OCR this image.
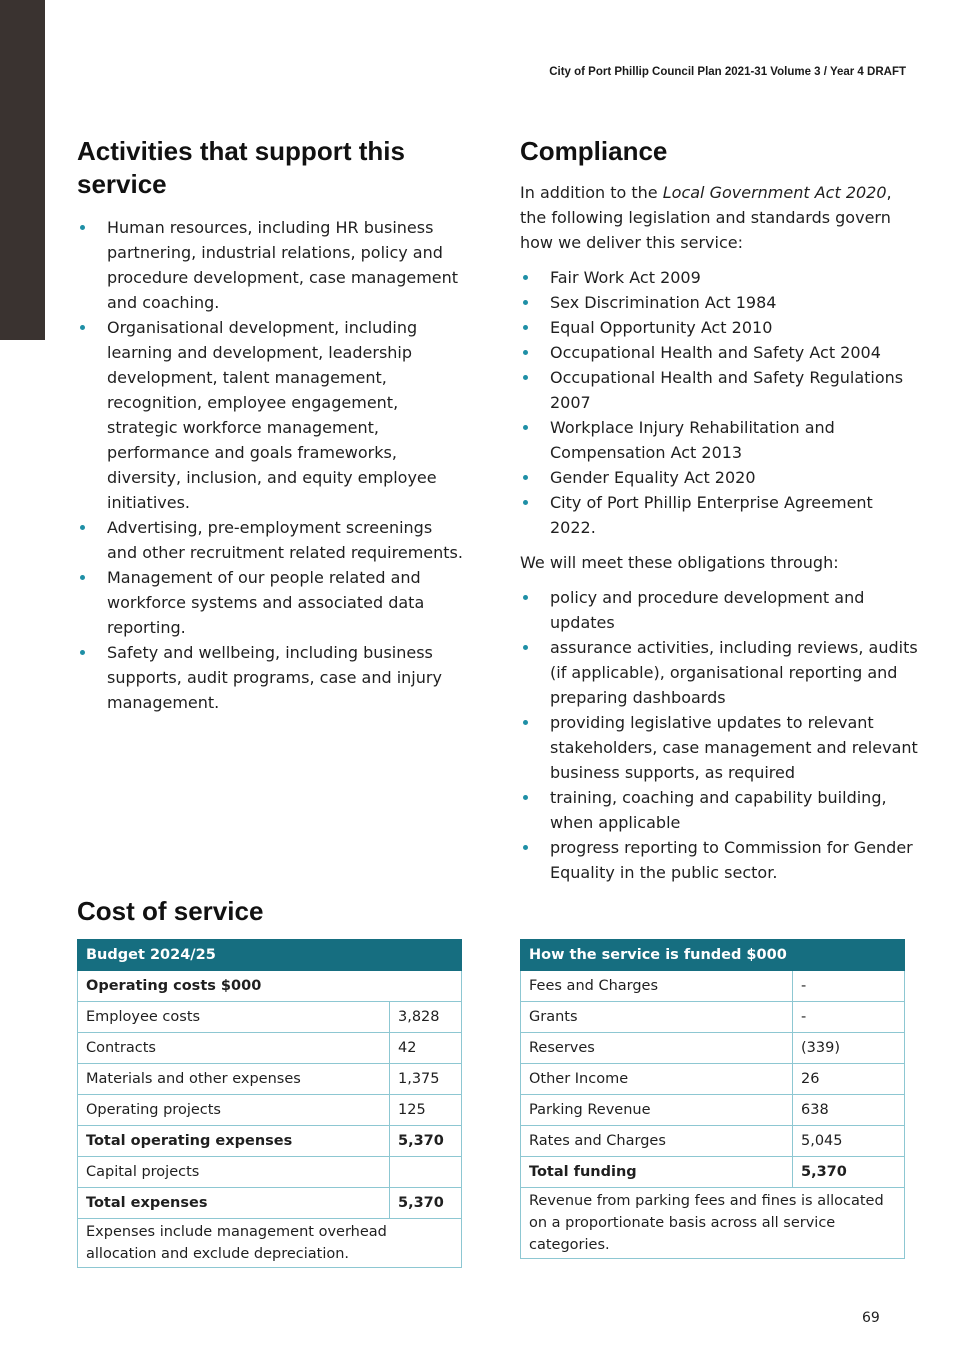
City of Port Phillip Council Plan 2021-31 Volume 3 / Year 4 DRAFT
Activities that support this
service
Human resources, including HR business partnering, industrial relations, policy and procedure development, case management and coaching.
Organisational development, including learning and development, leadership development, talent management, recognition, employee engagement, strategic workforce management, performance and goals frameworks, diversity, inclusion, and equity employee initiatives.
Advertising, pre-employment screenings and other recruitment related requirements.
Management of our people related and workforce systems and associated data reporting.
Safety and wellbeing, including business supports, audit programs, case and injury management.
Compliance

In addition to the Local Government Act 2020, the following legislation and standards govern how we deliver this service:

Fair Work Act 2009
Sex Discrimination Act 1984
Equal Opportunity Act 2010
Occupational Health and Safety Act 2004
Occupational Health and Safety Regulations 2007
Workplace Injury Rehabilitation and Compensation Act 2013
Gender Equality Act 2020
City of Port Phillip Enterprise Agreement 2022.

We will meet these obligations through:

policy and procedure development and updates
assurance activities, including reviews, audits (if applicable), organisational reporting and preparing dashboards
providing legislative updates to relevant stakeholders, case management and relevant business supports, as required
training, coaching and capability building, when applicable
progress reporting to Commission for Gender Equality in the public sector.
Cost of service
Budget 2024/25	
Operating costs $000	
Employee costs	3,828
Contracts	42
Materials and other expenses	1,375
Operating projects	125
Total operating expenses	5,370
Capital projects	
Total expenses	5,370
Expenses include management overhead allocation and exclude depreciation.	
How the service is funded $000	
Fees and Charges	-
Grants	-
Reserves	(339)
Other Income	26
Parking Revenue	638
Rates and Charges	5,045
Total funding	5,370
Revenue from parking fees and fines is allocated on a proportionate basis across all service categories.	
69
